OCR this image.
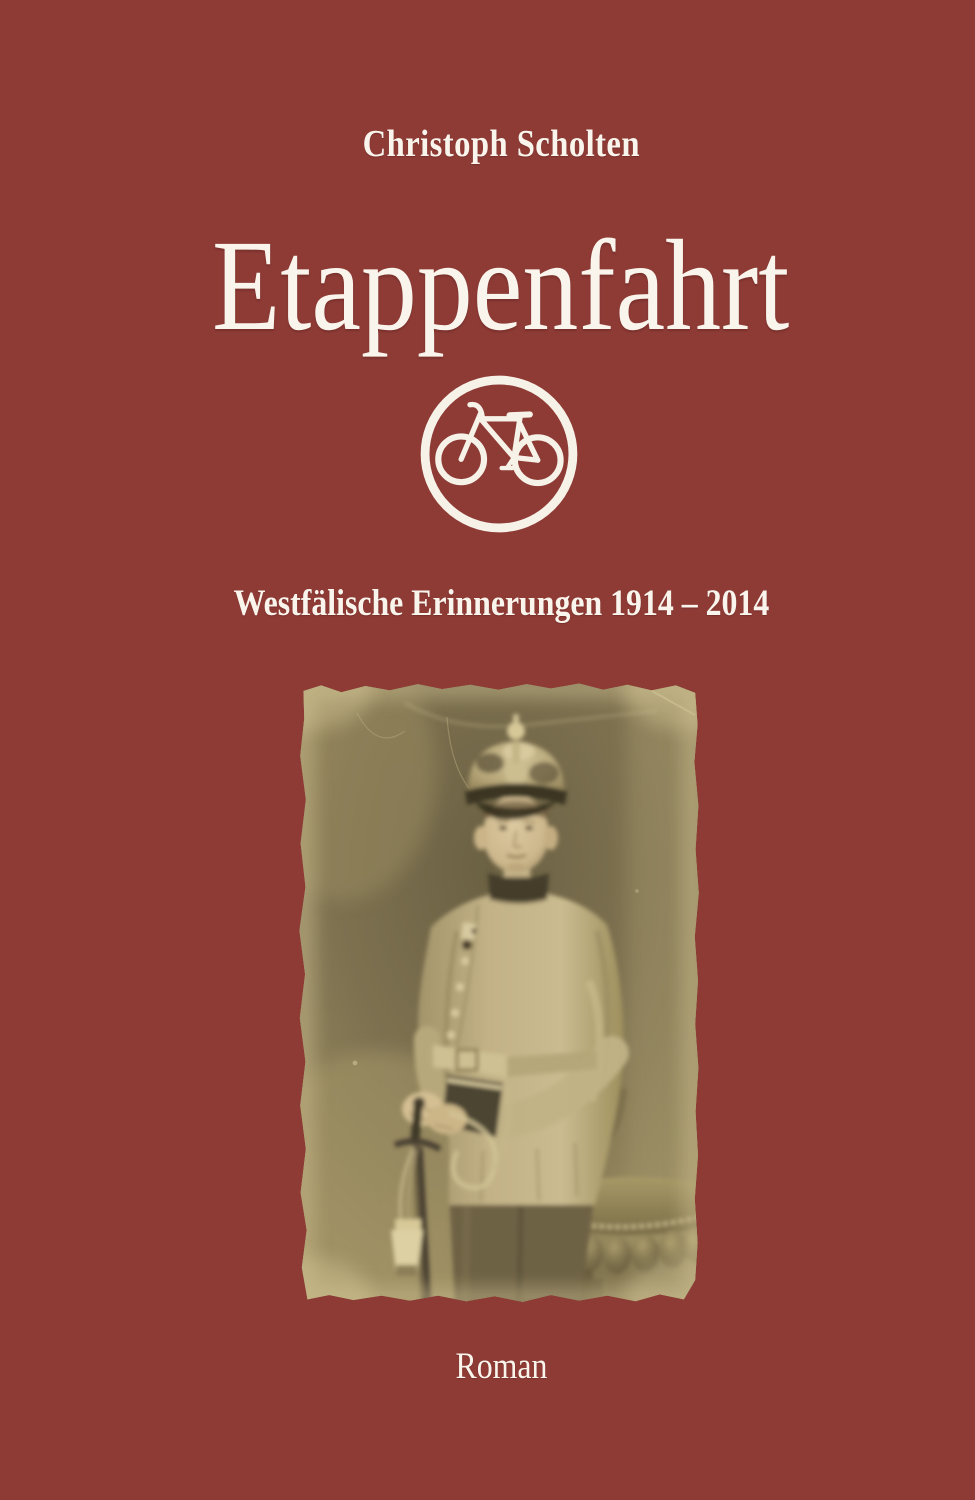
Christoph Scholten
Etappenfahrt
Westfälische Erinnerungen 1914 – 2014
Roman
